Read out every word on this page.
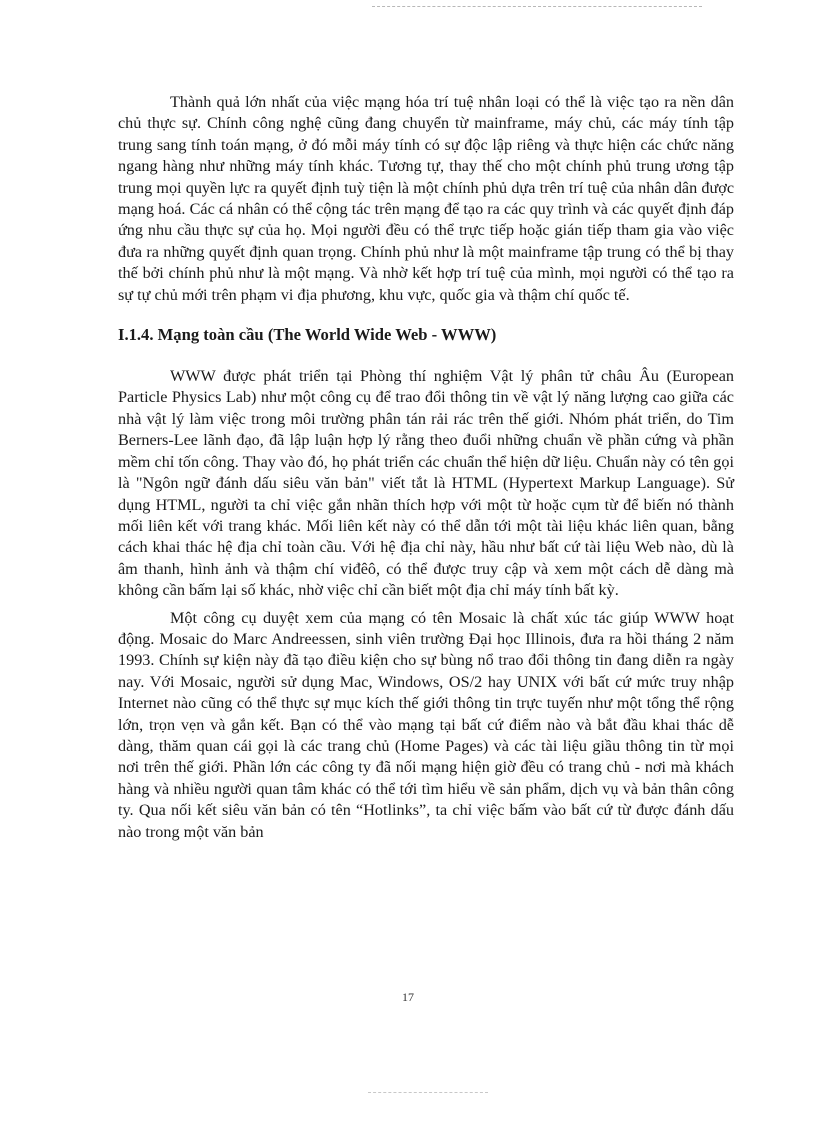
Thành quả lớn nhất của việc mạng hóa trí tuệ nhân loại có thể là việc tạo ra nền dân chủ thực sự. Chính công nghệ cũng đang chuyển từ mainframe, máy chủ, các máy tính tập trung sang tính toán mạng, ở đó mỗi máy tính có sự độc lập riêng và thực hiện các chức năng ngang hàng như những máy tính khác. Tương tự, thay thế cho một chính phủ trung ương tập trung mọi quyền lực ra quyết định tuỳ tiện là một chính phủ dựa trên trí tuệ của nhân dân được mạng hoá. Các cá nhân có thể cộng tác trên mạng để tạo ra các quy trình và các quyết định đáp ứng nhu cầu thực sự của họ. Mọi người đều có thể trực tiếp hoặc gián tiếp tham gia vào việc đưa ra những quyết định quan trọng. Chính phủ như là một mainframe tập trung có thể bị thay thế bởi chính phủ như là một mạng. Và nhờ kết hợp trí tuệ của mình, mọi người có thể tạo ra sự tự chủ mới trên phạm vi địa phương, khu vực, quốc gia và thậm chí quốc tế.

I.1.4. Mạng toàn cầu (The World Wide Web - WWW)

WWW được phát triển tại Phòng thí nghiệm Vật lý phân tử châu Âu (European Particle Physics Lab) như một công cụ để trao đổi thông tin về vật lý năng lượng cao giữa các nhà vật lý làm việc trong môi trường phân tán rải rác trên thế giới. Nhóm phát triển, do Tim Berners-Lee lãnh đạo, đã lập luận hợp lý rằng theo đuổi những chuẩn về phần cứng và phần mềm chỉ tốn công. Thay vào đó, họ phát triển các chuẩn thể hiện dữ liệu. Chuẩn này có tên gọi là "Ngôn ngữ đánh dấu siêu văn bản" viết tắt là HTML (Hypertext Markup Language). Sử dụng HTML, người ta chỉ việc gắn nhãn thích hợp với một từ hoặc cụm từ để biến nó thành mối liên kết với trang khác. Mối liên kết này có thể dẫn tới một tài liệu khác liên quan, bằng cách khai thác hệ địa chỉ toàn cầu. Với hệ địa chỉ này, hầu như bất cứ tài liệu Web nào, dù là âm thanh, hình ảnh và thậm chí viđêô, có thể được truy cập và xem một cách dễ dàng mà không cần bấm lại số khác, nhờ việc chỉ cần biết một địa chỉ máy tính bất kỳ.

Một công cụ duyệt xem của mạng có tên Mosaic là chất xúc tác giúp WWW hoạt động. Mosaic do Marc Andreessen, sinh viên trường Đại học Illinois, đưa ra hồi tháng 2 năm 1993. Chính sự kiện này đã tạo điều kiện cho sự bùng nổ trao đổi thông tin đang diễn ra ngày nay. Với Mosaic, người sử dụng Mac, Windows, OS/2 hay UNIX với bất cứ mức truy nhập Internet nào cũng có thể thực sự mục kích thế giới thông tin trực tuyến như một tổng thể rộng lớn, trọn vẹn và gắn kết. Bạn có thể vào mạng tại bất cứ điểm nào và bắt đầu khai thác dễ dàng, thăm quan cái gọi là các trang chủ (Home Pages) và các tài liệu giầu thông tin từ mọi nơi trên thế giới. Phần lớn các công ty đã nối mạng hiện giờ đều có trang chủ - nơi mà khách hàng và nhiều người quan tâm khác có thể tới tìm hiểu về sản phẩm, dịch vụ và bản thân công ty. Qua nối kết siêu văn bản có tên “Hotlinks”, ta chỉ việc bấm vào bất cứ từ được đánh dấu nào trong một văn bản

17
